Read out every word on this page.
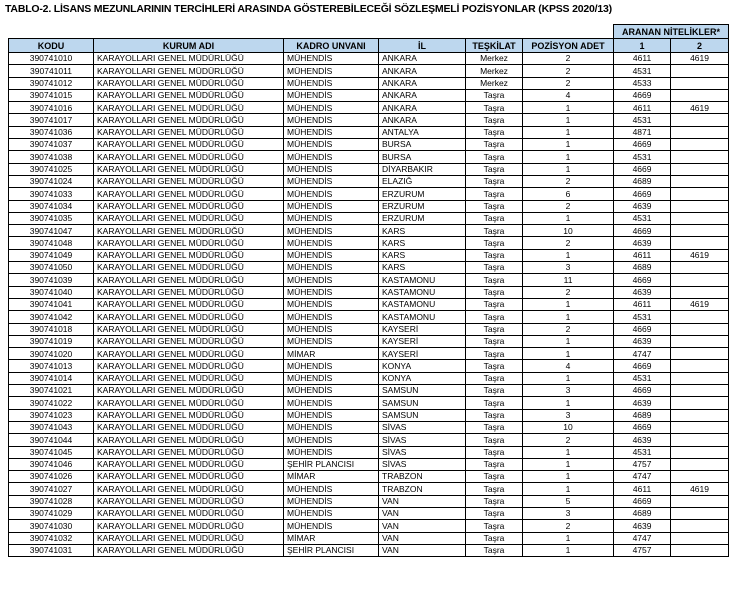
TABLO-2. LİSANS MEZUNLARININ TERCİHLERİ ARASINDA GÖSTEREBİLECEĞİ SÖZLEŞMELİ POZİSYONLAR (KPSS 2020/13)
						ARANAN NİTELİKLER*	
KODU	KURUM ADI	KADRO UNVANI	İL	TEŞKİLAT	POZİSYON ADET	1	2
390741010	KARAYOLLARI GENEL MÜDÜRLÜĞÜ	MÜHENDİS	ANKARA	Merkez	2	4611	4619
390741011	KARAYOLLARI GENEL MÜDÜRLÜĞÜ	MÜHENDİS	ANKARA	Merkez	2	4531	
390741012	KARAYOLLARI GENEL MÜDÜRLÜĞÜ	MÜHENDİS	ANKARA	Merkez	2	4533	
390741015	KARAYOLLARI GENEL MÜDÜRLÜĞÜ	MÜHENDİS	ANKARA	Taşra	4	4669	
390741016	KARAYOLLARI GENEL MÜDÜRLÜĞÜ	MÜHENDİS	ANKARA	Taşra	1	4611	4619
390741017	KARAYOLLARI GENEL MÜDÜRLÜĞÜ	MÜHENDİS	ANKARA	Taşra	1	4531	
390741036	KARAYOLLARI GENEL MÜDÜRLÜĞÜ	MÜHENDİS	ANTALYA	Taşra	1	4871	
390741037	KARAYOLLARI GENEL MÜDÜRLÜĞÜ	MÜHENDİS	BURSA	Taşra	1	4669	
390741038	KARAYOLLARI GENEL MÜDÜRLÜĞÜ	MÜHENDİS	BURSA	Taşra	1	4531	
390741025	KARAYOLLARI GENEL MÜDÜRLÜĞÜ	MÜHENDİS	DİYARBAKIR	Taşra	1	4669	
390741024	KARAYOLLARI GENEL MÜDÜRLÜĞÜ	MÜHENDİS	ELAZIĞ	Taşra	2	4689	
390741033	KARAYOLLARI GENEL MÜDÜRLÜĞÜ	MÜHENDİS	ERZURUM	Taşra	6	4669	
390741034	KARAYOLLARI GENEL MÜDÜRLÜĞÜ	MÜHENDİS	ERZURUM	Taşra	2	4639	
390741035	KARAYOLLARI GENEL MÜDÜRLÜĞÜ	MÜHENDİS	ERZURUM	Taşra	1	4531	
390741047	KARAYOLLARI GENEL MÜDÜRLÜĞÜ	MÜHENDİS	KARS	Taşra	10	4669	
390741048	KARAYOLLARI GENEL MÜDÜRLÜĞÜ	MÜHENDİS	KARS	Taşra	2	4639	
390741049	KARAYOLLARI GENEL MÜDÜRLÜĞÜ	MÜHENDİS	KARS	Taşra	1	4611	4619
390741050	KARAYOLLARI GENEL MÜDÜRLÜĞÜ	MÜHENDİS	KARS	Taşra	3	4689	
390741039	KARAYOLLARI GENEL MÜDÜRLÜĞÜ	MÜHENDİS	KASTAMONU	Taşra	11	4669	
390741040	KARAYOLLARI GENEL MÜDÜRLÜĞÜ	MÜHENDİS	KASTAMONU	Taşra	2	4639	
390741041	KARAYOLLARI GENEL MÜDÜRLÜĞÜ	MÜHENDİS	KASTAMONU	Taşra	1	4611	4619
390741042	KARAYOLLARI GENEL MÜDÜRLÜĞÜ	MÜHENDİS	KASTAMONU	Taşra	1	4531	
390741018	KARAYOLLARI GENEL MÜDÜRLÜĞÜ	MÜHENDİS	KAYSERİ	Taşra	2	4669	
390741019	KARAYOLLARI GENEL MÜDÜRLÜĞÜ	MÜHENDİS	KAYSERİ	Taşra	1	4639	
390741020	KARAYOLLARI GENEL MÜDÜRLÜĞÜ	MİMAR	KAYSERİ	Taşra	1	4747	
390741013	KARAYOLLARI GENEL MÜDÜRLÜĞÜ	MÜHENDİS	KONYA	Taşra	4	4669	
390741014	KARAYOLLARI GENEL MÜDÜRLÜĞÜ	MÜHENDİS	KONYA	Taşra	1	4531	
390741021	KARAYOLLARI GENEL MÜDÜRLÜĞÜ	MÜHENDİS	SAMSUN	Taşra	3	4669	
390741022	KARAYOLLARI GENEL MÜDÜRLÜĞÜ	MÜHENDİS	SAMSUN	Taşra	1	4639	
390741023	KARAYOLLARI GENEL MÜDÜRLÜĞÜ	MÜHENDİS	SAMSUN	Taşra	3	4689	
390741043	KARAYOLLARI GENEL MÜDÜRLÜĞÜ	MÜHENDİS	SİVAS	Taşra	10	4669	
390741044	KARAYOLLARI GENEL MÜDÜRLÜĞÜ	MÜHENDİS	SİVAS	Taşra	2	4639	
390741045	KARAYOLLARI GENEL MÜDÜRLÜĞÜ	MÜHENDİS	SİVAS	Taşra	1	4531	
390741046	KARAYOLLARI GENEL MÜDÜRLÜĞÜ	ŞEHİR PLANCISI	SİVAS	Taşra	1	4757	
390741026	KARAYOLLARI GENEL MÜDÜRLÜĞÜ	MİMAR	TRABZON	Taşra	1	4747	
390741027	KARAYOLLARI GENEL MÜDÜRLÜĞÜ	MÜHENDİS	TRABZON	Taşra	1	4611	4619
390741028	KARAYOLLARI GENEL MÜDÜRLÜĞÜ	MÜHENDİS	VAN	Taşra	5	4669	
390741029	KARAYOLLARI GENEL MÜDÜRLÜĞÜ	MÜHENDİS	VAN	Taşra	3	4689	
390741030	KARAYOLLARI GENEL MÜDÜRLÜĞÜ	MÜHENDİS	VAN	Taşra	2	4639	
390741032	KARAYOLLARI GENEL MÜDÜRLÜĞÜ	MİMAR	VAN	Taşra	1	4747	
390741031	KARAYOLLARI GENEL MÜDÜRLÜĞÜ	ŞEHİR PLANCISI	VAN	Taşra	1	4757	
